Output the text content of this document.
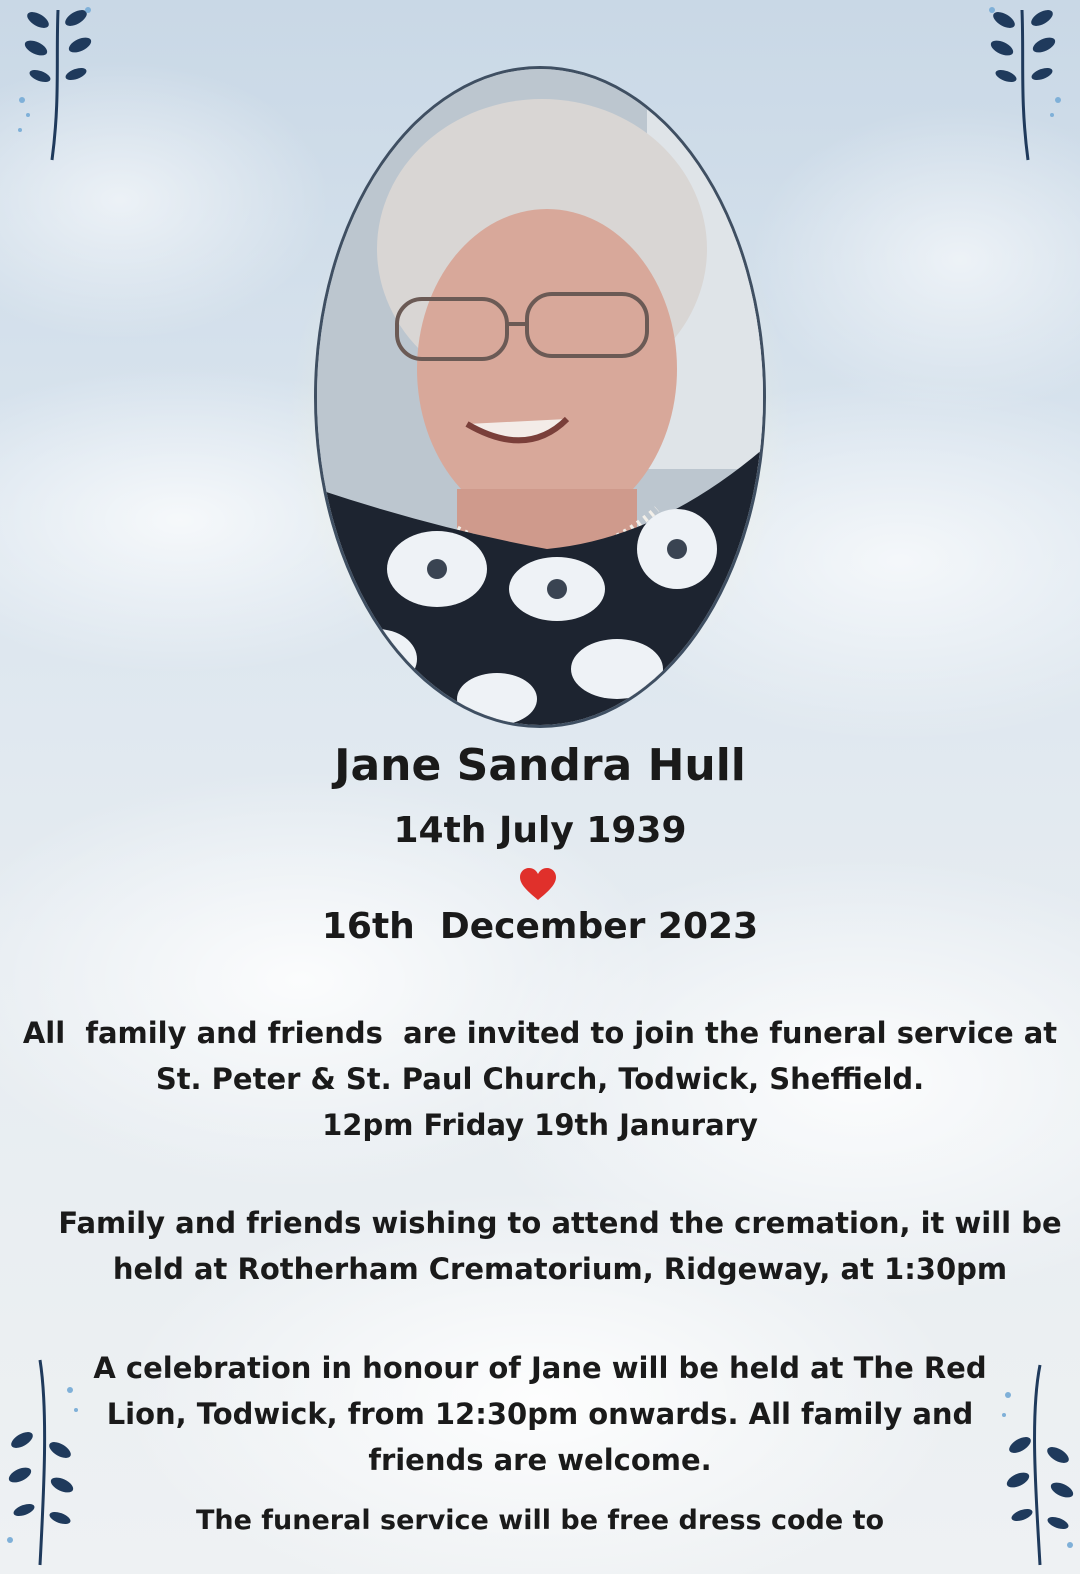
Jane Sandra Hull
14th July 1939
16th  December 2023
All  family and friends  are invited to join the funeral service at
St. Peter & St. Paul Church, Todwick, Sheffield.
12pm Friday 19th Janurary
Family and friends wishing to attend the cremation, it will be
held at Rotherham Crematorium, Ridgeway, at 1:30pm
A celebration in honour of Jane will be held at The Red
Lion, Todwick, from 12:30pm onwards. All family and
friends are welcome.
The funeral service will be free dress code to
